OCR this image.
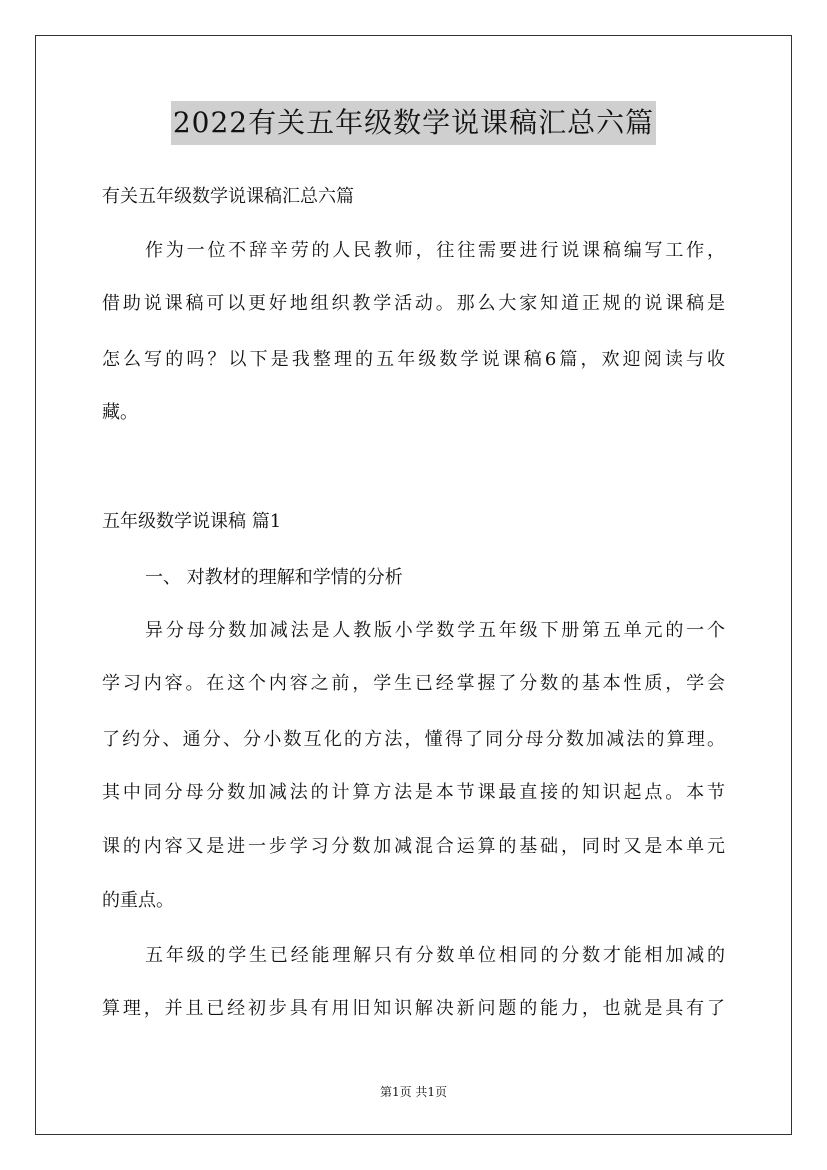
2022有关五年级数学说课稿汇总六篇
有关五年级数学说课稿汇总六篇
作为一位不辞辛劳的人民教师，往往需要进行说课稿编写工作，
借助说课稿可以更好地组织教学活动。那么大家知道正规的说课稿是
怎么写的吗？以下是我整理的五年级数学说课稿6篇，欢迎阅读与收
藏。
五年级数学说课稿 篇1
一、 对教材的理解和学情的分析
异分母分数加减法是人教版小学数学五年级下册第五单元的一个
学习内容。在这个内容之前，学生已经掌握了分数的基本性质，学会
了约分、通分、分小数互化的方法，懂得了同分母分数加减法的算理。
其中同分母分数加减法的计算方法是本节课最直接的知识起点。本节
课的内容又是进一步学习分数加减混合运算的基础，同时又是本单元
的重点。
五年级的学生已经能理解只有分数单位相同的分数才能相加减的
算理，并且已经初步具有用旧知识解决新问题的能力，也就是具有了
第1页 共1页
